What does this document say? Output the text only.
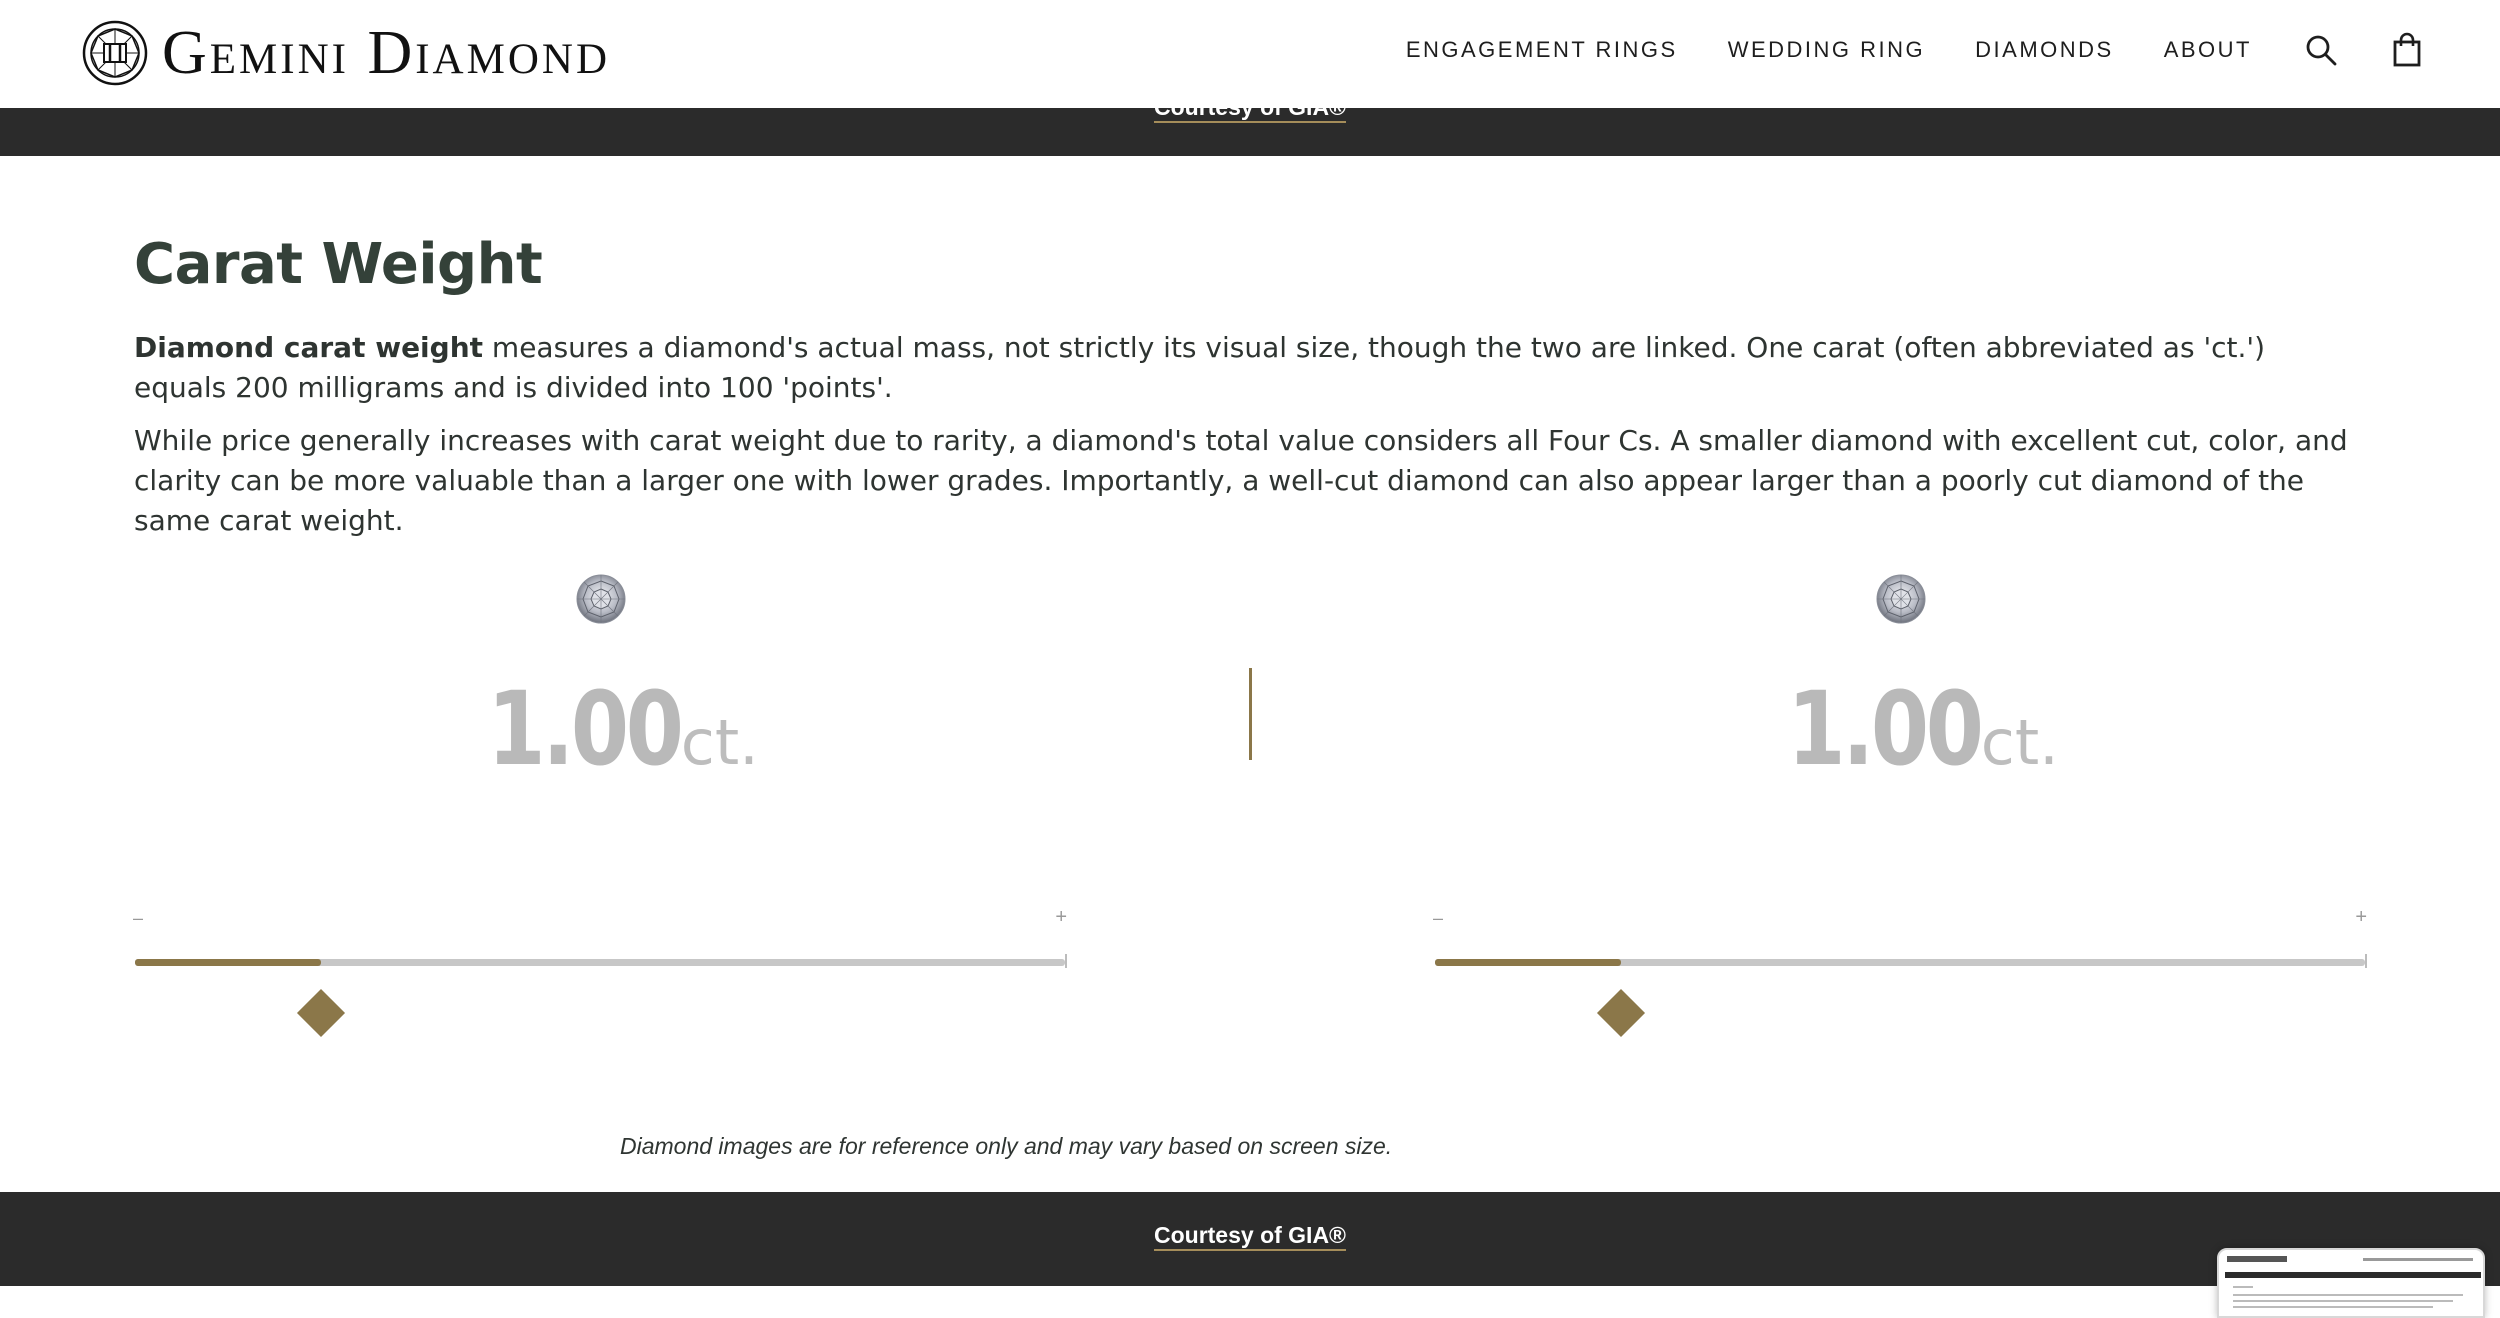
Gemini Diamond	ENGAGEMENT RINGS WEDDING RING DIAMONDS ABOUT
Carat Weight

Diamond carat weight measures a diamond's actual mass, not strictly its visual size, though the two are linked. One carat (often abbreviated as 'ct.') equals 200 milligrams and is divided into 100 'points'.

While price generally increases with carat weight due to rarity, a diamond's total value considers all Four Cs. A smaller diamond with excellent cut, color, and clarity can be more valuable than a larger one with lower grades. Importantly, a well-cut diamond can also appear larger than a poorly cut diamond of the same carat weight.

1.00ct.	1.00ct.
–	+	–	+

Diamond images are for reference only and may vary based on screen size.

Courtesy of GIA®
